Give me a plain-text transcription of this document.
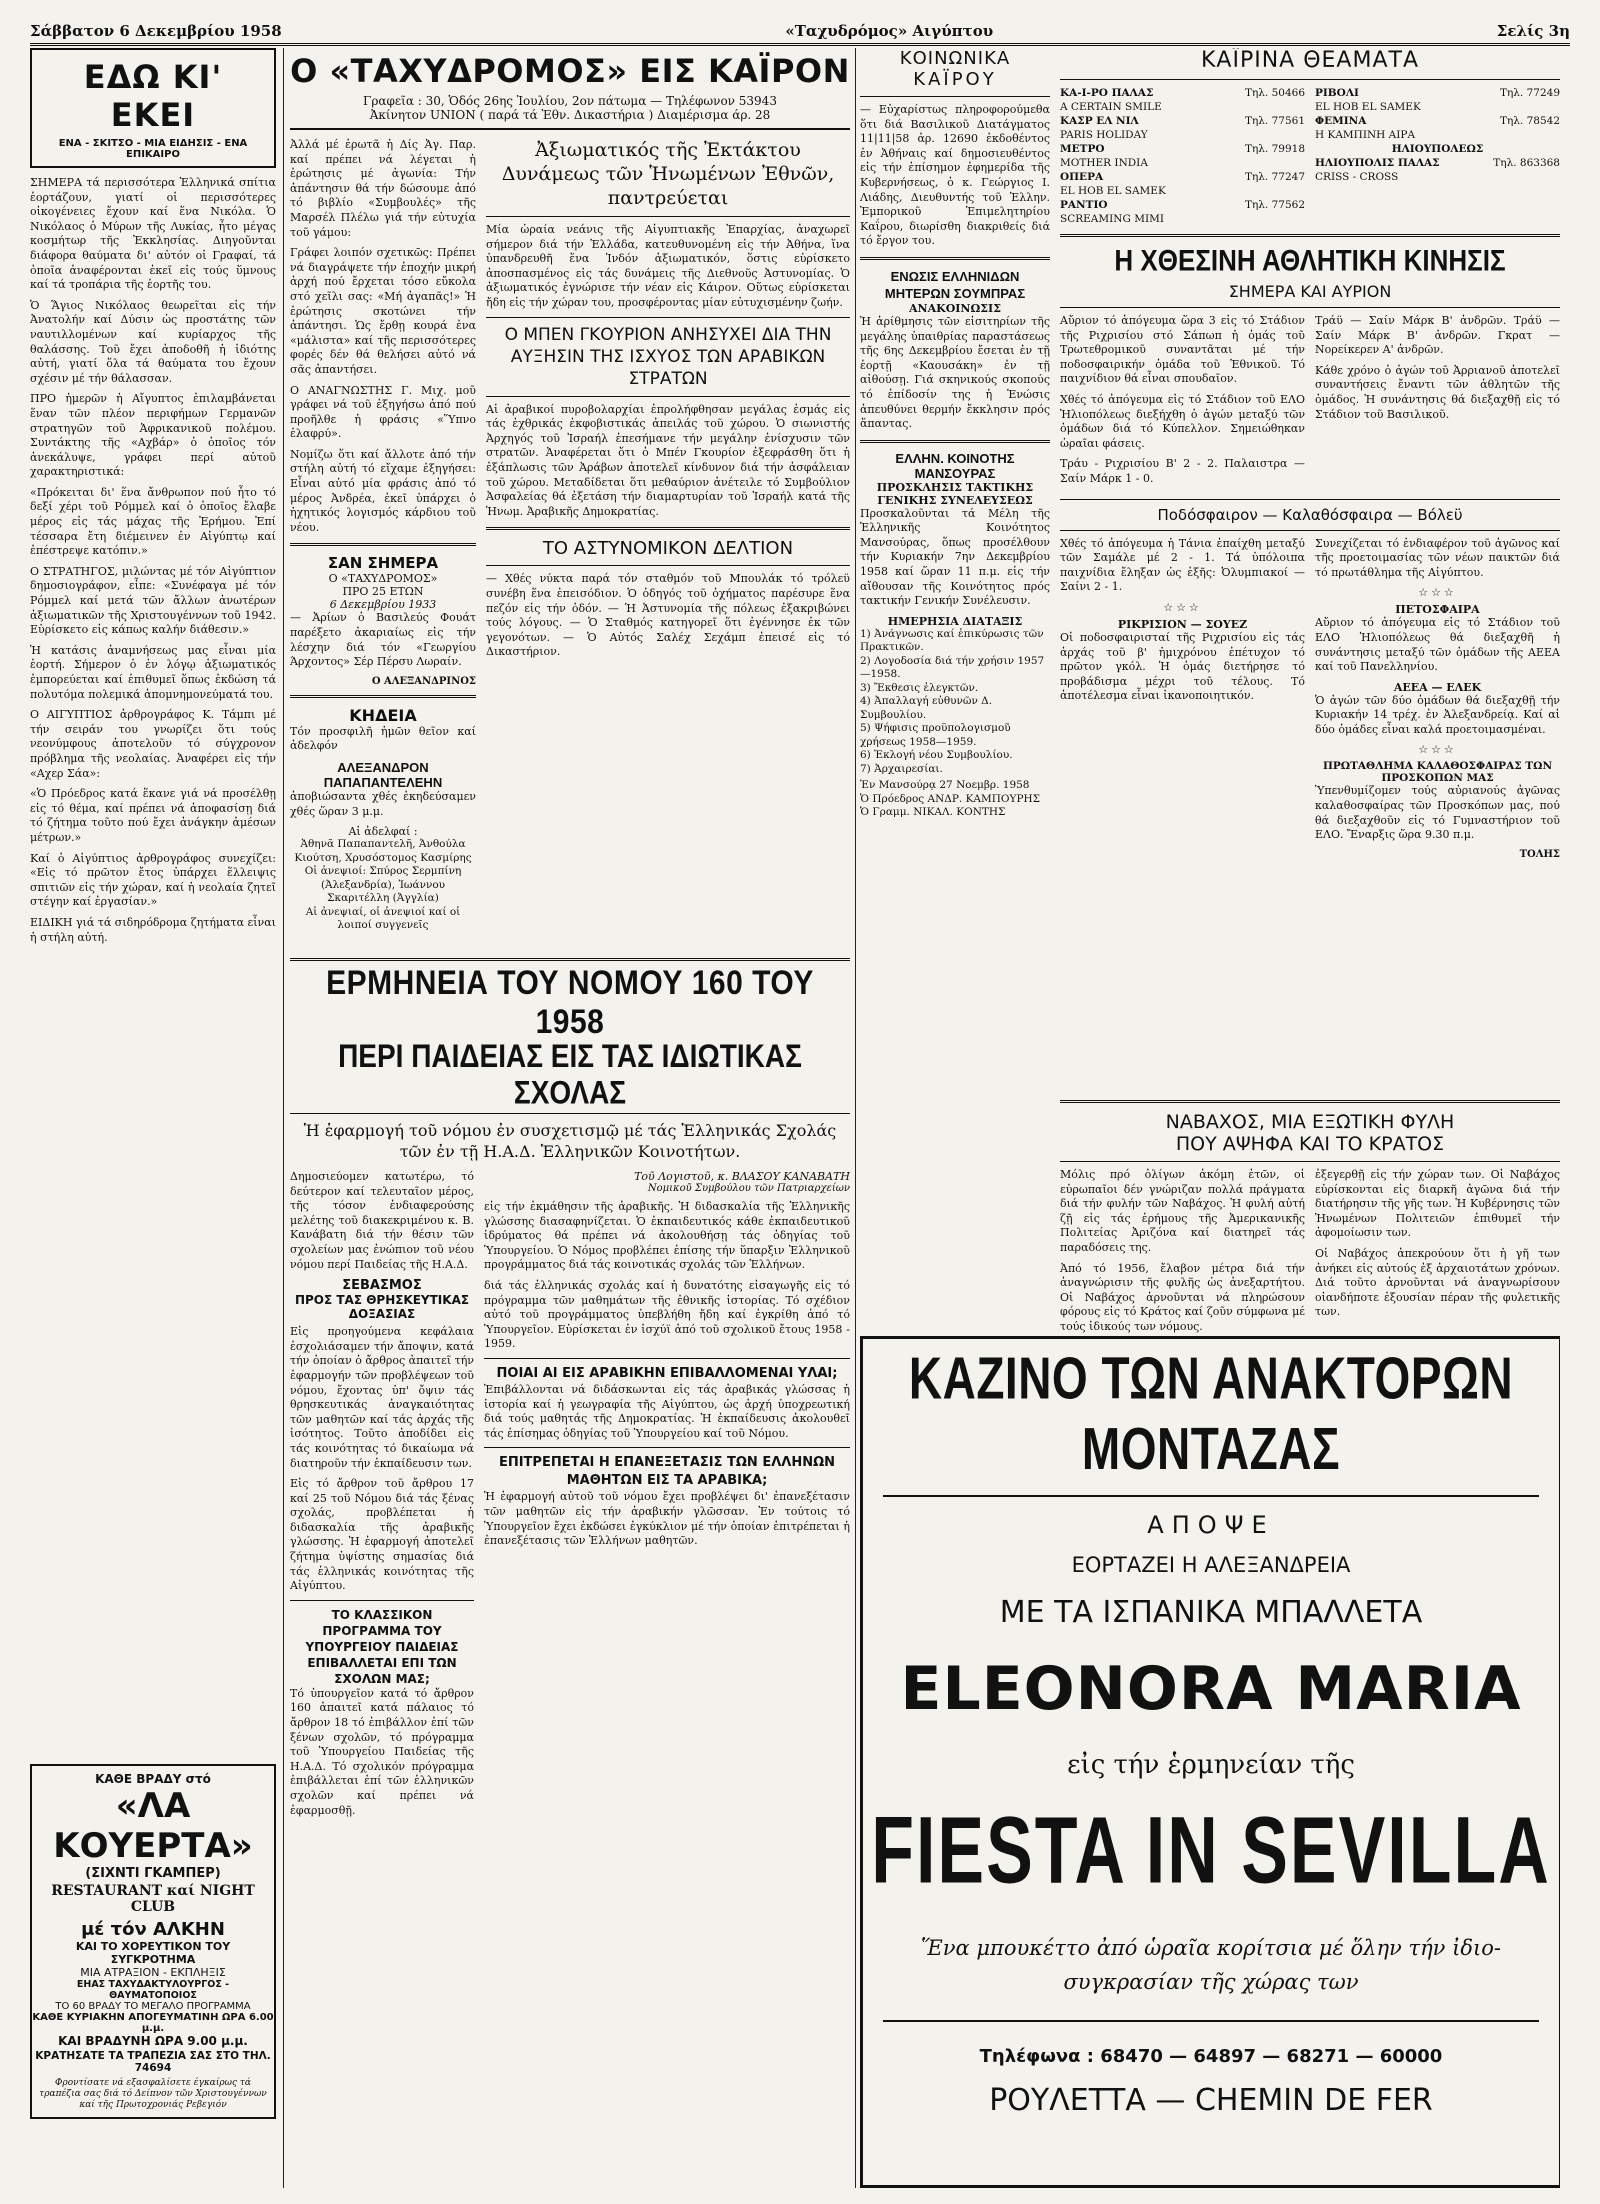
Σάββατον 6 Δεκεμβρίου 1958	«Ταχυδρόμος» Αιγύπτου	Σελίς 3η
ΕΔΩ ΚΙ' ΕΚΕΙ
ΕΝΑ - ΣΚΙΤΣΟ - ΜΙΑ ΕΙΔΗΣΙΣ - ΕΝΑ ΕΠΙΚΑΙΡΟ

ΣΗΜΕΡΑ τά περισσότερα Ἑλληνικά σπίτια ἑορτάζουν, γιατί οἱ περισσότερες οἰκογένειες ἔχουν καί ἕνα Νικόλα. Ὁ Νικόλαος ὁ Μύρων τῆς Λυκίας, ἦτο μέγας κοσμήτωρ τῆς Ἐκκλησίας. Διηγοῦνται διάφορα θαύματα δι' αὐτόν οἱ Γραφαί, τά ὁποῖα ἀναφέρονται ἐκεῖ εἰς τούς ὕμνους καί τά τροπάρια τῆς ἑορτῆς του.

Ὁ Ἅγιος Νικόλαος θεωρεῖται εἰς τήν Ἀνατολήν καί Δύσιν ὡς προστάτης τῶν ναυτιλλομένων καί κυρίαρχος τῆς θαλάσσης. Τοῦ ἔχει ἀποδοθῆ ἡ ἰδιότης αὐτή, γιατί ὅλα τά θαύματα του ἔχουν σχέσιν μέ τήν θάλασσαν.

ΠΡΟ ἡμερῶν ἡ Αἴγυπτος ἐπιλαμβάνεται ἕναν τῶν πλέον περιφήμων Γερμανῶν στρατηγῶν τοῦ Ἀφρικανικοῦ πολέμου. Συντάκτης τῆς «Αχβάρ» ὁ ὁποῖος τόν ἀνεκάλυψε, γράφει περί αὐτοῦ χαρακτηριστικά:

«Πρόκειται δι' ἕνα ἄνθρωπον πού ἦτο τό δεξί χέρι τοῦ Ρόμμελ καί ὁ ὁποῖος ἔλαβε μέρος εἰς τάς μάχας τῆς Ἐρήμου. Ἐπί τέσσαρα ἔτη διέμεινεν ἐν Αἰγύπτῳ καί ἐπέστρεψε κατόπιν.»

Ο ΣΤΡΑΤΗΓΟΣ, μιλώντας μέ τόν Αἰγύπτιον δημοσιογράφον, εἶπε: «Συνέφαγα μέ τόν Ρόμμελ καί μετά τῶν ἄλλων ἀνωτέρων ἀξιωματικῶν τῆς Χριστουγέννων τοῦ 1942. Εὑρίσκετο εἰς κάπως καλήν διάθεσιν.»

Ἡ κατάσις ἀναμνήσεως μας εἶναι μία ἑορτή. Σήμερον ὁ ἐν λόγῳ ἀξιωματικός ἐμπορεύεται καί ἐπιθυμεῖ ὅπως ἐκδώση τά πολυτόμα πολεμικά ἀπομνημονεύματά του.

Ο ΑΙΓΥΠΤΙΟΣ ἀρθρογράφος Κ. Τάμπι μέ τήν σειράν του γνωρίζει ὅτι τούς νεονύμφους ἀποτελοῦν τό σύγχρονον πρόβλημα τῆς νεολαίας. Ἀναφέρει εἰς τήν «Αχερ Σάα»:

«Ὁ Πρόεδρος κατά ἕκανε γιά νά προσέλθῃ εἰς τό θέμα, καί πρέπει νά ἀποφασίσῃ διά τό ζήτημα τοῦτο πού ἔχει ἀνάγκην ἀμέσων μέτρων.»

Καί ὁ Αἰγύπτιος ἀρθρογράφος συνεχίζει: «Εἰς τό πρῶτον ἔτος ὑπάρχει ἕλλειψις σπιτιῶν εἰς τήν χώραν, καί ἡ νεολαία ζητεῖ στέγην καί ἐργασίαν.»

ΕΙΔΙΚΗ γιά τά σιδηρόδρομα ζητήματα εἶναι ἡ στήλη αὐτή.

ΚΑΘΕ ΒΡΑΔΥ στό
«ΛΑ ΚΟΥΕΡΤΑ»
(ΣΙΧΝΤΙ ΓΚΑΜΠΕΡ)
RESTAURANT καί NIGHT CLUB
μέ τόν ΑΛΚΗΝ
ΚΑΙ ΤΟ ΧΟΡΕΥΤΙΚΟΝ ΤΟΥ ΣΥΓΚΡΟΤΗΜΑ
ΜΙΑ ΑΤΡΑΞΙΟΝ - ΕΚΠΛΗΞΙΣ
ΕΗΑΣ ΤΑΧΥΔΑΚΤΥΛΟΥΡΓΟΣ - ΘΑΥΜΑΤΟΠΟΙΟΣ
ΤΟ 60 ΒΡΑΔΥ ΤΟ ΜΕΓΑΛΟ ΠΡΟΓΡΑΜΜΑ
ΚΑΘΕ ΚΥΡΙΑΚΗΝ ΑΠΟΓΕΥΜΑΤΙΝΗ ΩΡΑ 6.00 μ.μ.
ΚΑΙ ΒΡΑΔΥΝΗ ΩΡΑ 9.00 μ.μ.
ΚΡΑΤΗΣΑΤΕ ΤΑ ΤΡΑΠΕΖΙΑ ΣΑΣ ΣΤΟ ΤΗΛ. 74694
Φροντίσατε νά εξασφαλίσετε έγκαίρως τά τραπέζια σας διά τό Δείπνον τῶν Χριστουγέννων καί τῆς Πρωτοχρονιάς Ρεβεγιόν
Ο «ΤΑΧΥΔΡΟΜΟΣ» ΕΙΣ ΚΑΪΡΟΝ
Γραφεῖα : 30, Ὁδός 26ης Ἰουλίου, 2ον πάτωμα — Τηλέφωνον 53943
Ἀκίνητον UNION ( παρά τά Ἐθν. Δικαστήρια ) Διαμέρισμα άρ. 28

Ἀλλά μέ ἐρωτᾶ ἡ Δίς Ἀγ. Παρ. καί πρέπει νά λέγεται ἡ ἐρώτησις μέ ἀγωνία: Τήν ἀπάντησιν θά τήν δώσουμε ἀπό τό βιβλίο «Συμβουλές» τῆς Μαρσέλ Πλέλω γιά τήν εὐτυχία τοῦ γάμου:

Γράφει λοιπόν σχετικῶς: Πρέπει νά διαγράψετε τήν ἐποχήν μικρή ἀρχή πού ἔρχεται τόσο εὔκολα στό χεῖλι σας: «Μή ἀγαπᾶς!» Ἡ ἐρώτησις σκοτώνει τήν ἀπάντησι. Ὡς ἔρθῃ κουρά ἐνα «μάλιστα» καί τῆς περισσότερες φορές δέν θά θελήσει αὐτό νά σᾶς ἀπαντήσει.

Ο ΑΝΑΓΝΩΣΤΗΣ Γ. Μιχ. μοῦ γράφει νά τοῦ ἐξηγήσω ἀπό πού προῆλθε ἡ φράσις «Ὕπνο ἐλαφρύ».

Νομίζω ὅτι καί ἄλλοτε ἀπό τήν στήλη αὐτή τό εἴχαμε ἐξηγήσει: Εἶναι αὐτό μία φράσις ἀπό τό μέρος Ἀνδρέα, ἐκεῖ ὑπάρχει ὁ ἡχητικός λογισμός κάρδιου τοῦ νέου.

ΣΑΝ ΣΗΜΕΡΑ
Ο «ΤΑΧΥΔΡΟΜΟΣ»
ΠΡΟ 25 ΕΤΩΝ
6 Δεκεμβρίου 1933

— Ἀρίων ὁ Βασιλεύς Φουάτ παρέξετο ἀκαριαίως εἰς τήν λέσχην διά τόν «Γεωργίου Άρχοντος» Σέρ Πέρσυ Λωραίν.

Ο ΑΛΕΞΑΝΔΡΙΝΟΣ
ΚΗΔΕΙΑ

Τόν προσφιλῆ ἡμῶν θεῖον καί ἀδελφόν

ΑΛΕΞΑΝΔΡΟΝ ΠΑΠΑΠΑΝΤΕΛΕΗΝ

ἀποβιώσαντα χθές ἐκηδεύσαμεν χθές ὥραν 3 μ.μ.

Αἱ ἀδελφαί :
Ἀθηνᾶ Παπαπαντελῆ, Ἀνθούλα Κιούτση, Χρυσόστομος Κασμίρης
Οἱ ἀνεψιοί: Σπύρος Σερμπίνη (Ἀλεξανδρία), Ἰωάννου Σκαριτέλλη (Ἀγγλία)
Αἱ ἀνεψιαί, οἱ ἀνεψιοί καί οἱ λοιποί συγγενεῖς
Ἀξιωματικός τῆς Ἐκτάκτου Δυνάμεως τῶν Ἡνωμένων Ἐθνῶν, παντρεύεται

Μία ὡραία νεάνις τῆς Αἰγυπτιακῆς Ἐπαρχίας, ἀναχωρεῖ σήμερον διά τήν Ἑλλάδα, κατευθυνομένη εἰς τήν Ἀθήνα, ἵνα ὑπανδρευθῆ ἕνα Ἰνδόν ἀξιωματικόν, ὅστις εὑρίσκετο ἀποσπασμένος εἰς τάς δυνάμεις τῆς Διεθνοῦς Ἀστυνομίας. Ὁ ἀξιωματικός ἐγνώρισε τήν νέαν εἰς Κάιρον. Οὕτως εὑρίσκεται ἤδη εἰς τήν χώραν του, προσφέροντας μίαν εὐτυχισμένην ζωήν.

Ο ΜΠΕΝ ΓΚΟΥΡΙΟΝ ΑΝΗΣΥΧΕΙ ΔΙΑ ΤΗΝ ΑΥΞΗΣΙΝ ΤΗΣ ΙΣΧΥΟΣ ΤΩΝ ΑΡΑΒΙΚΩΝ ΣΤΡΑΤΩΝ

Αἱ ἀραβικοί πυροβολαρχίαι ἐπρολήφθησαν μεγάλας ἐσμάς εἰς τάς ἐχθρικάς ἐκφοβιστικάς ἀπειλάς τοῦ χώρου. Ὁ σιωνιστής Ἀρχηγός τοῦ Ἰσραήλ ἐπεσήμανε τήν μεγάλην ἐνίσχυσιν τῶν στρατῶν. Ἀναφέρεται ὅτι ὁ Μπέν Γκουρίον ἐξεφράσθη ὅτι ἡ ἐξάπλωσις τῶν Ἀράβων ἀποτελεῖ κίνδυνον διά τήν ἀσφάλειαν τοῦ χώρου. Μεταδίδεται ὅτι μεθαύριον ἀνέτειλε τό Συμβούλιον Ἀσφαλείας θά ἐξετάση τήν διαμαρτυρίαν τοῦ Ἰσραήλ κατά τῆς Ἡνωμ. Ἀραβικῆς Δημοκρατίας.

ΤΟ ΑΣΤΥΝΟΜΙΚΟΝ ΔΕΛΤΙΟΝ

— Χθές νύκτα παρά τόν σταθμόν τοῦ Μπουλάκ τό τρόλεϋ συνέβη ἕνα ἐπεισόδιον. Ὁ ὁδηγός τοῦ ὀχήματος παρέσυρε ἕνα πεζόν εἰς τήν ὁδόν. — Ἡ Ἀστυνομία τῆς πόλεως ἐξακριβώνει τούς λόγους. — Ὁ Σταθμός κατηγορεῖ ὅτι ἐγέννησε ἐκ τῶν γεγονότων. — Ὁ Αὐτός Σαλέχ Σεχάμπ ἐπεισέ εἰς τό Δικαστήριον.

ΕΡΜΗΝΕΙΑ ΤΟΥ ΝΟΜΟΥ 160 ΤΟΥ 1958
ΠΕΡΙ ΠΑΙΔΕΙΑΣ ΕΙΣ ΤΑΣ ΙΔΙΩΤΙΚΑΣ ΣΧΟΛΑΣ
Ἡ ἐφαρμογή τοῦ νόμου ἐν συσχετισμῷ μέ τάς Ἑλληνικάς Σχολάς τῶν ἐν τῇ Η.Α.Δ. Ἑλληνικῶν Κοινοτήτων.

Δημοσιεύομεν κατωτέρω, τό δεύτερον καί τελευταῖον μέρος, τῆς τόσον ἐνδιαφερούσης μελέτης τοῦ διακεκριμένου κ. Β. Κανάβατη διά τήν θέσιν τῶν σχολείων μας ἐνώπιον τοῦ νέου νόμου περί Παιδείας τῆς Η.Α.Δ.

ΣΕΒΑΣΜΟΣ
ΠΡΟΣ ΤΑΣ ΘΡΗΣΚΕΥΤΙΚΑΣ ΔΟΞΑΣΙΑΣ

Εἰς προηγούμενα κεφάλαια ἐσχολιάσαμεν τήν ἄποψιν, κατά τήν ὁποίαν ὁ ἄρθρος ἀπαιτεῖ τήν ἐφαρμογήν τῶν προβλέψεων τοῦ νόμου, ἔχοντας ὑπ' ὄψιν τάς θρησκευτικάς ἀναγκαιότητας τῶν μαθητῶν καί τάς ἀρχάς τῆς ἰσότητος. Τοῦτο ἀποδίδει εἰς τάς κοινότητας τό δικαίωμα νά διατηροῦν τήν ἐκπαίδευσιν των.

Εἰς τό ἄρθρον τοῦ ἄρθρου 17 καί 25 τοῦ Νόμου διά τάς ξένας σχολάς, προβλέπεται ἡ διδασκαλία τῆς ἀραβικῆς γλώσσης. Ἡ ἐφαρμογή ἀποτελεῖ ζήτημα ὑψίστης σημασίας διά τάς ἑλληνικάς κοινότητας τῆς Αἰγύπτου.

ΤΟ ΚΛΑΣΣΙΚΟΝ ΠΡΟΓΡΑΜΜΑ ΤΟΥ ΥΠΟΥΡΓΕΙΟΥ ΠΑΙΔΕΙΑΣ ΕΠΙΒΑΛΛΕΤΑΙ ΕΠΙ ΤΩΝ ΣΧΟΛΩΝ ΜΑΣ;

Τό ὑπουργεῖον κατά τό ἄρθρον 160 ἀπαιτεῖ κατά πάλαιος τό ἄρθρον 18 τό ἐπιβάλλον ἐπί τῶν ξένων σχολῶν, τό πρόγραμμα τοῦ Ὑπουργείου Παιδείας τῆς Η.Α.Δ. Τό σχολικόν πρόγραμμα ἐπιβάλλεται ἐπί τῶν ἑλληνικῶν σχολῶν καί πρέπει νά ἐφαρμοσθῇ.

Τοῦ Λογιστοῦ, κ. ΒΛΑΣΟΥ ΚΑΝΑΒΑΤΗ
Νομικοῦ Συμβούλου τῶν Πατριαρχείων

εἰς τήν ἐκμάθησιν τῆς ἀραβικῆς. Ἡ διδασκαλία τῆς Ἑλληνικῆς γλώσσης διασαφηνίζεται. Ὁ ἐκπαιδευτικός κάθε ἐκπαιδευτικοῦ ἱδρύματος θά πρέπει νά ἀκολουθήσῃ τάς ὁδηγίας τοῦ Ὑπουργείου. Ὁ Νόμος προβλέπει ἐπίσης τήν ὕπαρξιν Ἑλληνικοῦ προγράμματος διά τάς κοινοτικάς σχολάς τῶν Ἑλλήνων.

διά τάς ἑλληνικάς σχολάς καί ἡ δυνατότης εἰσαγωγῆς εἰς τό πρόγραμμα τῶν μαθημάτων τῆς ἐθνικῆς ἱστορίας. Τό σχέδιον αὐτό τοῦ προγράμματος ὑπεβλήθη ἤδη καί ἐγκρίθη ἀπό τό Ὑπουργεῖον. Εὑρίσκεται ἐν ἰσχύϊ ἀπό τοῦ σχολικοῦ ἔτους 1958 - 1959.

ΠΟΙΑΙ ΑΙ ΕΙΣ ΑΡΑΒΙΚΗΝ ΕΠΙΒΑΛΛΟΜΕΝΑΙ ΥΛΑΙ;

Ἐπιβάλλονται νά διδάσκωνται εἰς τάς ἀραβικάς γλώσσας ἡ ἱστορία καί ἡ γεωγραφία τῆς Αἰγύπτου, ὡς ἀρχή ὑποχρεωτική διά τούς μαθητάς τῆς Δημοκρατίας. Ἡ ἐκπαίδευσις ἀκολουθεῖ τάς ἐπίσημας ὁδηγίας τοῦ Ὑπουργείου καί τοῦ Νόμου.

ΕΠΙΤΡΕΠΕΤΑΙ Η ΕΠΑΝΕΞΕΤΑΣΙΣ ΤΩΝ ΕΛΛΗΝΩΝ ΜΑΘΗΤΩΝ ΕΙΣ ΤΑ ΑΡΑΒΙΚΑ;

Ἡ ἐφαρμογή αὐτοῦ τοῦ νόμου ἔχει προβλέψει δι' ἐπανεξέτασιν τῶν μαθητῶν εἰς τήν ἀραβικήν γλῶσσαν. Ἐν τούτοις τό Ὑπουργεῖον ἔχει ἐκδώσει ἐγκύκλιον μέ τήν ὁποίαν ἐπιτρέπεται ἡ ἐπανεξέτασις τῶν Ἑλλήνων μαθητῶν.

ΚΟΙΝΩΝΙΚΑ
ΚΑΪΡΟΥ

— Εὐχαρίστως πληροφορούμεθα ὅτι διά Βασιλικοῦ Διατάγματος 11|11|58 ἀρ. 12690 ἐκδοθέντος ἐν Ἀθήναις καί δημοσιευθέντος εἰς τήν ἐπίσημον ἐφημερίδα τῆς Κυβερνήσεως, ὁ κ. Γεώργιος Ι. Λιάδης, Διευθυντής τοῦ Ἑλλην. Ἐμπορικοῦ Ἐπιμελητηρίου Καΐρου, διωρίσθη διακριθείς διά τό ἔργον του.

ΕΝΩΣΙΣ ΕΛΛΗΝΙΔΩΝ ΜΗΤΕΡΩΝ ΣΟΥΜΠΡΑΣ
ΑΝΑΚΟΙΝΩΣΙΣ

Ἡ ἀρίθμησις τῶν εἰσιτηρίων τῆς μεγάλης ὑπαιθρίας παραστάσεως τῆς 6ης Δεκεμβρίου ἔσεται ἐν τῇ ἑορτῇ «Καουσάκη» ἐν τῇ αἰθούσῃ. Γιά σκηνικούς σκοπούς τό ἐπίδοσίν της ἡ Ἑνώσις ἀπευθύνει θερμήν ἔκκλησιν πρός ἅπαντας.

ΕΛΛΗΝ. ΚΟΙΝΟΤΗΣ ΜΑΝΣΟΥΡΑΣ
ΠΡΟΣΚΛΗΣΙΣ ΤΑΚΤΙΚΗΣ ΓΕΝΙΚΗΣ ΣΥΝΕΛΕΥΣΕΩΣ

Προσκαλοῦνται τά Μέλη τῆς Ἑλληνικῆς Κοινότητος Μανσούρας, ὅπως προσέλθουν τήν Κυριακήν 7ην Δεκεμβρίου 1958 καί ὥραν 11 π.μ. εἰς τήν αἴθουσαν τῆς Κοινότητος πρός τακτικήν Γενικήν Συνέλευσιν.

ΗΜΕΡΗΣΙΑ ΔΙΑΤΑΞΙΣ
1) Ἀνάγνωσις καί ἐπικύρωσις τῶν Πρακτικῶν.
2) Λογοδοσία διά τήν χρήσιν 1957—1958.
3) Ἔκθεσις ἐλεγκτῶν.
4) Ἀπαλλαγή εὐθυνῶν Δ. Συμβουλίου.
5) Ψήφισις προϋπολογισμοῦ χρήσεως 1958—1959.
6) Ἐκλογή νέου Συμβουλίου.
7) Ἀρχαιρεσίαι.
Ἐν Μανσούρᾳ 27 Νοεμβρ. 1958
Ὁ Πρόεδρος ΑΝΔΡ. ΚΑΜΠΟΥΡΗΣ
Ὁ Γραμμ. ΝΙΚΑΛ. ΚΟΝΤΗΣ
ΚΑΪΡΙΝΑ ΘΕΑΜΑΤΑ
ΚΑ-Ι-ΡΟ ΠΑΛΑΣ	Τηλ. 50466
A CERTAIN SMILE
ΚΑΣΡ ΕΛ ΝΙΛ	Τηλ. 77561
PARIS HOLIDAY
ΜΕΤΡΟ	Τηλ. 79918
MOTHER INDIA
ΟΠΕΡΑ	Τηλ. 77247
EL HOB EL SAMEK
ΡΑΝΤΙΟ	Τηλ. 77562
SCREAMING MIMI
ΡΙΒΟΛΙ	Τηλ. 77249
EL HOB EL SAMEK
ΦΕΜΙΝΑ	Τηλ. 78542
Η ΚΑΜΠΙΝΗ ΑΙΡΑ
ΗΛΙΟΥΠΟΛΕΩΣ
ΗΛΙΟΥΠΟΛΙΣ ΠΑΛΑΣ	Τηλ. 863368
CRISS - CROSS
Η ΧΘΕΣΙΝΗ ΑΘΛΗΤΙΚΗ ΚΙΝΗΣΙΣ
ΣΗΜΕΡΑ ΚΑΙ ΑΥΡΙΟΝ

Αὔριον τό ἀπόγευμα ὥρα 3 εἰς τό Στάδιον τῆς Ριχρισίου στό Σάπωπ ἡ ὁμάς τοῦ Τρωτεθρομικοῦ συναντᾶται μέ τήν ποδοσφαιρικήν ὁμάδα τοῦ Ἑθνικοῦ. Τό παιχνίδιον θά εἶναι σπουδαῖον.

Χθές τό ἀπόγευμα εἰς τό Στάδιον τοῦ ΕΛΟ Ἡλιοπόλεως διεξήχθη ὁ ἀγών μεταξύ τῶν ὁμάδων διά τό Κύπελλον. Σημειώθηκαν ὡραῖαι φάσεις.

Τράυ - Ριχρισίου Β' 2 - 2. Παλαιστρα — Σαίν Μάρκ 1 - 0.

Τράϋ — Σαίν Μάρκ Β' ἀνδρῶν. Τράϋ — Σαίν Μάρκ Β' ἀνδρῶν. Γκρατ — Νορείκερεν Α' ἀνδρῶν.

Κάθε χρόνο ὁ ἀγών τοῦ Ἀρριανοῦ ἀποτελεῖ συναντήσεις ἔναντι τῶν ἀθλητῶν τῆς ὁμάδος. Ἡ συνάντησις θά διεξαχθῇ εἰς τό Στάδιον τοῦ Βασιλικοῦ.

Ποδόσφαιρον — Καλαθόσφαιρα — Βόλεϋ

Χθές τό ἀπόγευμα ἡ Τάνια ἐπαίχθη μεταξύ τῶν Σαμάλε μέ 2 - 1. Τά ὑπόλοιπα παιχνίδια ἔληξαν ὡς ἑξῆς: Ὀλυμπιακοί — Σαίνι 2 - 1.

☆☆☆
ΡΙΚΡΙΣΙΟΝ — ΣΟΥΕΖ

Οἱ ποδοσφαιρισταί τῆς Ριχρισίου εἰς τάς ἀρχάς τοῦ β' ἡμιχρόνου ἐπέτυχον τό πρῶτον γκόλ. Ἡ ὁμάς διετήρησε τό προβάδισμα μέχρι τοῦ τέλους. Τό ἀποτέλεσμα εἶναι ἱκανοποιητικόν.

Συνεχίζεται τό ἐνδιαφέρον τοῦ ἀγῶνος καί τῆς προετοιμασίας τῶν νέων παικτῶν διά τό πρωτάθλημα τῆς Αἰγύπτου.

☆☆☆
ΠΕΤΟΣΦΑΙΡΑ

Αὔριον τό ἀπόγευμα εἰς τό Στάδιον τοῦ ΕΛΟ Ἡλιοπόλεως θά διεξαχθῆ ἡ συνάντησις μεταξύ τῶν ὁμάδων τῆς ΑΕΕΑ καί τοῦ Πανελληνίου.

ΑΕΕΑ — ΕΛΕΚ

Ὁ ἀγών τῶν δύο ὁμάδων θά διεξαχθῇ τήν Κυριακήν 14 τρέχ. ἐν Ἀλεξανδρείᾳ. Καί αἱ δύο ὁμάδες εἶναι καλά προετοιμασμέναι.

☆☆☆
ΠΡΩΤΑΘΛΗΜΑ ΚΑΛΑΘΟΣΦΑΙΡΑΣ ΤΩΝ ΠΡΟΣΚΟΠΩΝ ΜΑΣ

Ὑπενθυμίζομεν τούς αὐριανούς ἀγῶνας καλαθοσφαίρας τῶν Προσκόπων μας, πού θά διεξαχθοῦν εἰς τό Γυμναστήριον τοῦ ΕΛΟ. Ἔναρξις ὥρα 9.30 π.μ.

ΤΟΛΗΣ
ΝΑΒΑΧΟΣ, ΜΙΑ ΕΞΩΤΙΚΗ ΦΥΛΗ
ΠΟΥ ΑΨΗΦΑ ΚΑΙ ΤΟ ΚΡΑΤΟΣ

Μόλις πρό ὀλίγων ἀκόμη ἐτῶν, οἱ εὐρωπαῖοι δέν γνώριζαν πολλά πράγματα διά τήν φυλήν τῶν Ναβάχος. Ἡ φυλή αὐτή ζῇ εἰς τάς ἐρήμους τῆς Ἀμερικανικῆς Πολιτείας Ἀριζόνα καί διατηρεῖ τάς παραδόσεις της.

Ἀπό τό 1956, ἔλαβον μέτρα διά τήν ἀναγνώρισιν τῆς φυλῆς ὡς ἀνεξαρτήτου. Οἱ Ναβάχος ἀρνοῦνται νά πληρώσουν φόρους εἰς τό Κράτος καί ζοῦν σύμφωνα μέ τούς ἰδικούς των νόμους.

ἐξεγερθῇ εἰς τήν χώραν των. Οἱ Ναβάχος εὑρίσκονται εἰς διαρκῆ ἀγῶνα διά τήν διατήρησιν τῆς γῆς των. Ἡ Κυβέρνησις τῶν Ἡνωμένων Πολιτειῶν ἐπιθυμεῖ τήν ἀφομοίωσιν των.

Οἱ Ναβάχος ἀπεκρούουν ὅτι ἡ γῆ των ἀνήκει εἰς αὐτούς ἐξ ἀρχαιοτάτων χρόνων. Διά τοῦτο ἀρνοῦνται νά ἀναγνωρίσουν οἱανδήποτε ἐξουσίαν πέραν τῆς φυλετικῆς των.

ΚΑΖΙΝΟ ΤΩΝ ΑΝΑΚΤΟΡΩΝ ΜΟΝΤΑΖΑΣ
ΑΠΟΨΕ
ΕΟΡΤΑΖΕΙ Η ΑΛΕΞΑΝΔΡΕΙΑ
ΜΕ ΤΑ ΙΣΠΑΝΙΚΑ ΜΠΑΛΛΕΤΑ
ELEONORA MARIA
εἰς τήν ἑρμηνείαν τῆς
FIESTA IN SEVILLA
Ἕνα μπουκέττο ἀπό ὡραῖα κορίτσια μέ ὅλην τήν ἰδιο-
συγκρασίαν τῆς χώρας των
Τηλέφωνα : 68470 — 64897 — 68271 — 60000
ΡΟΥΛΕΤΤΑ — CHEMIN DE FER
